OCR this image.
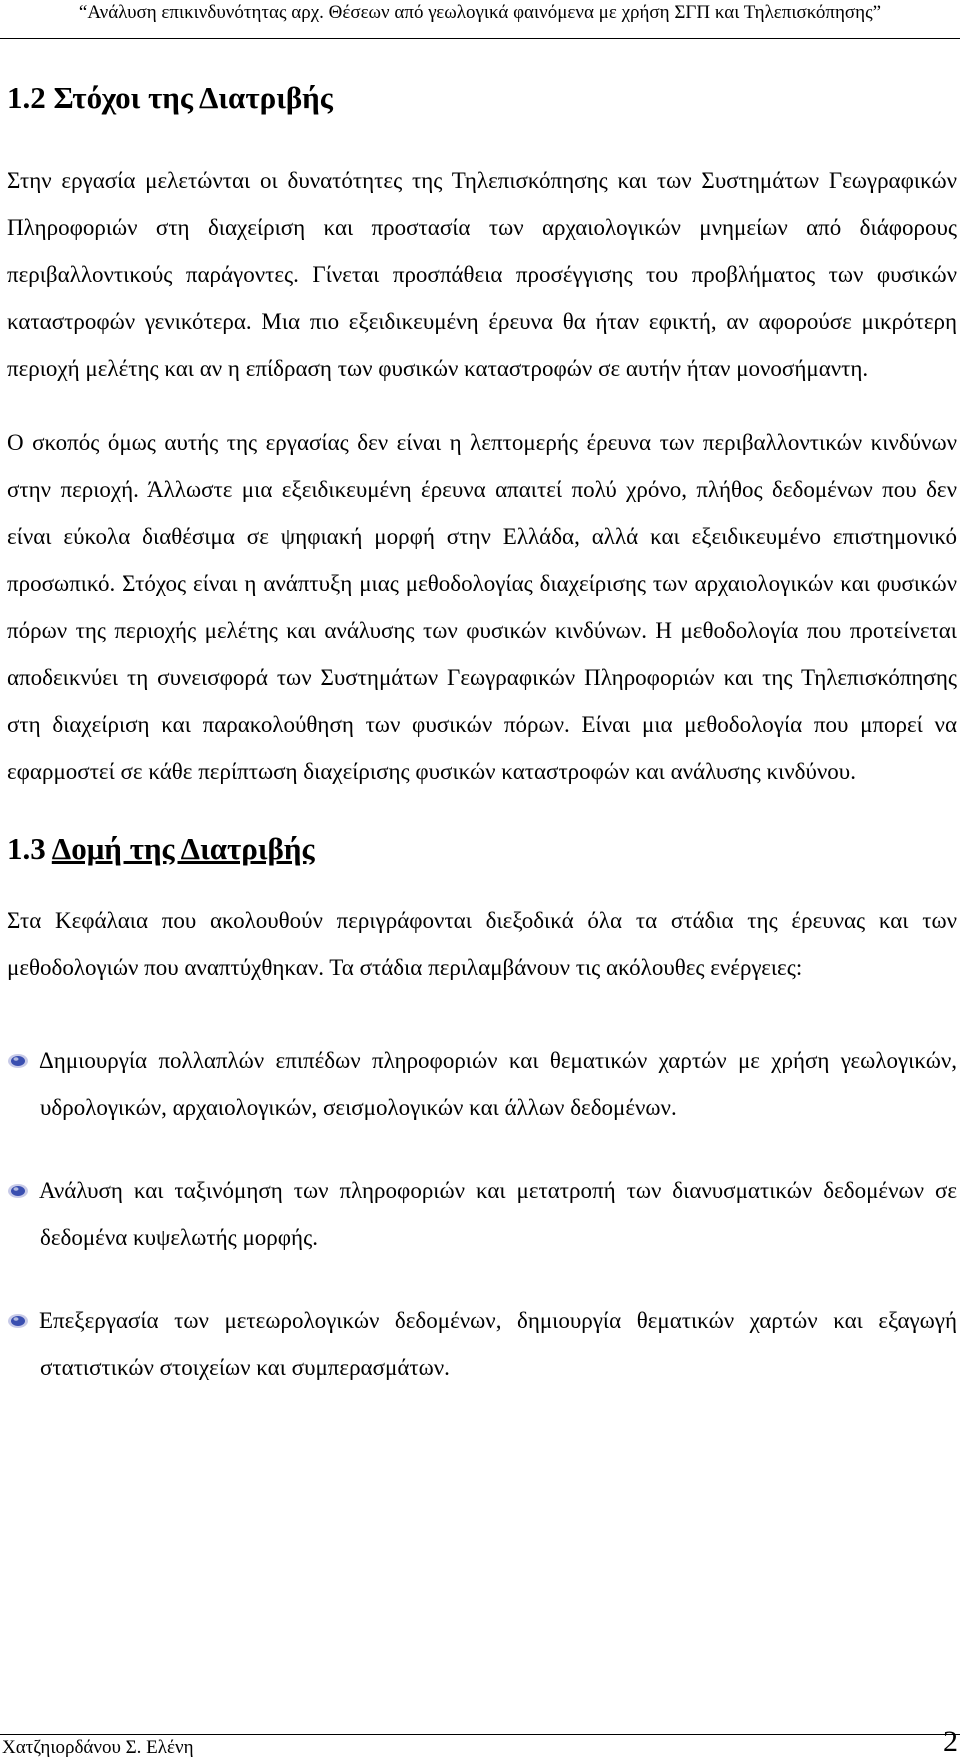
“Ανάλυση επικινδυνότητας αρχ. Θέσεων από γεωλογικά φαινόμενα με χρήση ΣΓΠ και Τηλεπισκόπησης”
1.2 Στόχοι της Διατριβής

Στην εργασία μελετώνται οι δυνατότητες της Τηλεπισκόπησης και των Συστημάτων Γεωγραφικών Πληροφοριών στη διαχείριση και προστασία των αρχαιολογικών μνημείων από διάφορους περιβαλλοντικούς παράγοντες. Γίνεται προσπάθεια προσέγγισης του προβλήματος των φυσικών καταστροφών γενικότερα. Μια πιο εξειδικευμένη έρευνα θα ήταν εφικτή, αν αφορούσε μικρότερη περιοχή μελέτης και αν η επίδραση των φυσικών καταστροφών σε αυτήν ήταν μονοσήμαντη.

Ο σκοπός όμως αυτής της εργασίας δεν είναι η λεπτομερής έρευνα των περιβαλλοντικών κινδύνων στην περιοχή. Άλλωστε μια εξειδικευμένη έρευνα απαιτεί πολύ χρόνο, πλήθος δεδομένων που δεν είναι εύκολα διαθέσιμα σε ψηφιακή μορφή στην Ελλάδα, αλλά και εξειδικευμένο επιστημονικό προσωπικό. Στόχος είναι η ανάπτυξη μιας μεθοδολογίας διαχείρισης των αρχαιολογικών και φυσικών πόρων της περιοχής μελέτης και ανάλυσης των φυσικών κινδύνων. Η μεθοδολογία που προτείνεται αποδεικνύει τη συνεισφορά των Συστημάτων Γεωγραφικών Πληροφοριών και της Τηλεπισκόπησης στη διαχείριση και παρακολούθηση των φυσικών πόρων. Είναι μια μεθοδολογία που μπορεί να εφαρμοστεί σε κάθε περίπτωση διαχείρισης φυσικών καταστροφών και ανάλυσης κινδύνου.

1.3 Δομή της Διατριβής

Στα Κεφάλαια που ακολουθούν περιγράφονται διεξοδικά όλα τα στάδια της έρευνας και των μεθοδολογιών που αναπτύχθηκαν. Τα στάδια περιλαμβάνουν τις ακόλουθες ενέργειες:

Δημιουργία πολλαπλών επιπέδων πληροφοριών και θεματικών χαρτών με χρήση γεωλογικών, υδρολογικών, αρχαιολογικών, σεισμολογικών και άλλων δεδομένων.

Ανάλυση και ταξινόμηση των πληροφοριών και μετατροπή των διανυσματικών δεδομένων σε δεδομένα κυψελωτής μορφής.

Επεξεργασία των μετεωρολογικών δεδομένων, δημιουργία θεματικών χαρτών και εξαγωγή στατιστικών στοιχείων και συμπερασμάτων.

Χατζηιορδάνου Σ. Ελένη	2
